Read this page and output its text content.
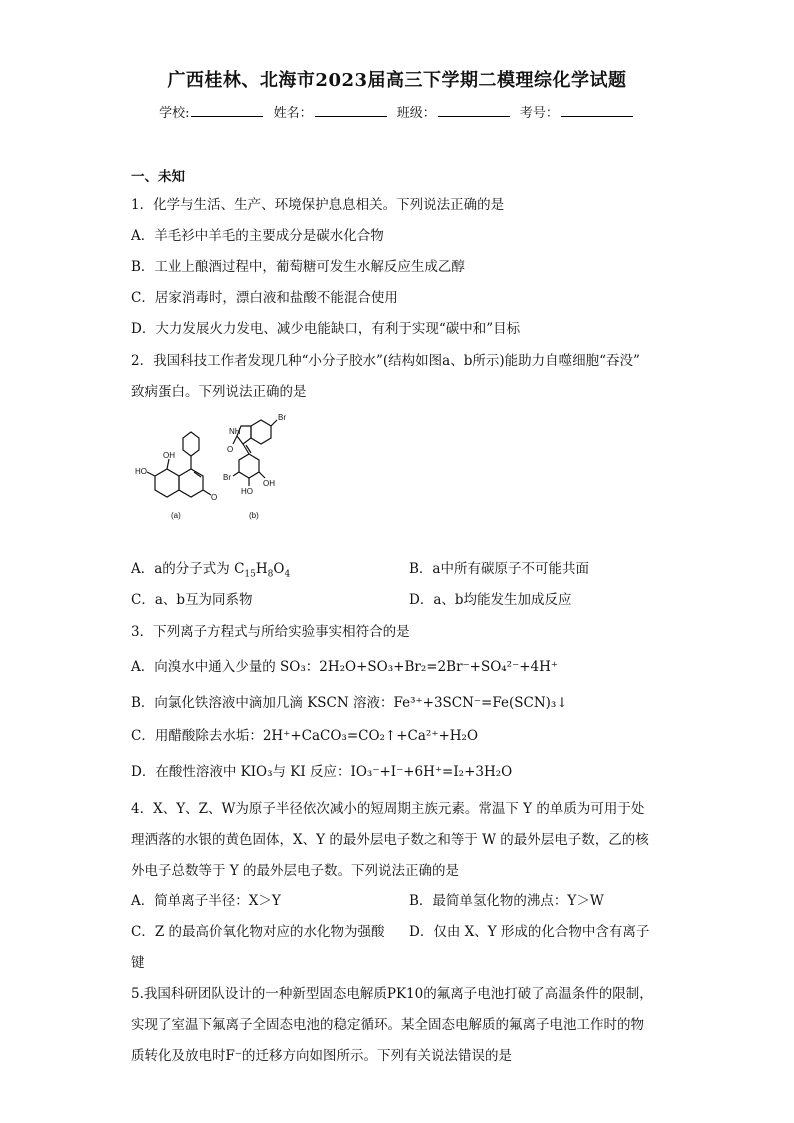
广西桂林、北海市2023届高三下学期二模理综化学试题
学校:	姓名：	班级：	考号：
一、未知
1．化学与生活、生产、环境保护息息相关。下列说法正确的是
A．羊毛衫中羊毛的主要成分是碳水化合物
B．工业上酿酒过程中，葡萄糖可发生水解反应生成乙醇
C．居家消毒时，漂白液和盐酸不能混合使用
D．大力发展火力发电、减少电能缺口，有利于实现“碳中和”目标
2．我国科技工作者发现几种“小分子胶水”(结构如图a、b所示)能助力自噬细胞“吞没”
致病蛋白。下列说法正确的是
OH
HO
O
(a)
Br
NH
O
Br
HO
OH
(b)
A．a的分子式为 $C_{15}H_8O_4$	B．a中所有碳原子不可能共面
C．a、b互为同系物	D．a、b均能发生加成反应
3．下列离子方程式与所给实验事实相符合的是
A．向溴水中通入少量的 SO₃：2H₂O+SO₃+Br₂=2Br⁻+SO₄²⁻+4H⁺
B．向氯化铁溶液中滴加几滴 KSCN 溶液：Fe³⁺+3SCN⁻=Fe(SCN)₃↓
C．用醋酸除去水垢：2H⁺+CaCO₃=CO₂↑+Ca²⁺+H₂O
D．在酸性溶液中 KIO₃与 KI 反应：IO₃⁻+I⁻+6H⁺=I₂+3H₂O
4．X、Y、Z、W为原子半径依次减小的短周期主族元素。常温下 Y 的单质为可用于处
理洒落的水银的黄色固体，X、Y 的最外层电子数之和等于 W 的最外层电子数，乙的核
外电子总数等于 Y 的最外层电子数。下列说法正确的是
A．简单离子半径：X＞Y	B．最简单氢化物的沸点：Y＞W
C．Z 的最高价氧化物对应的水化物为强酸 D．仅由 X、Y 形成的化合物中含有离子
键
5.我国科研团队设计的一种新型固态电解质PK10的氟离子电池打破了高温条件的限制，
实现了室温下氟离子全固态电池的稳定循环。某全固态电解质的氟离子电池工作时的物
质转化及放电时F⁻的迁移方向如图所示。下列有关说法错误的是
